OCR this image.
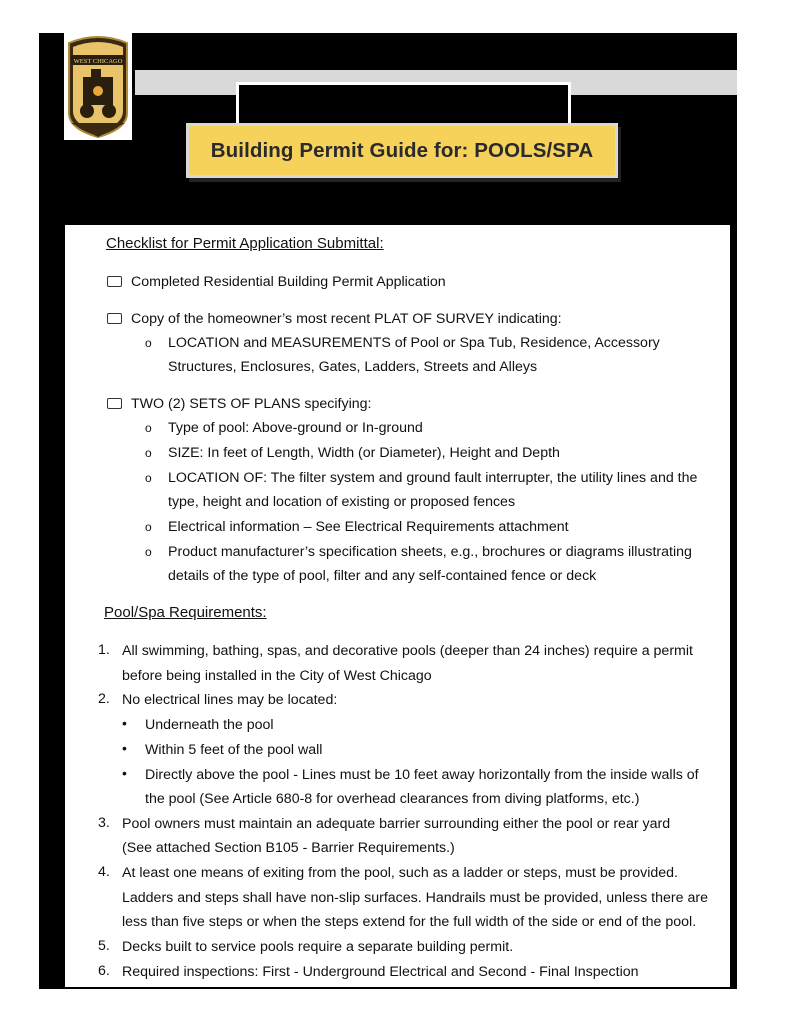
WEST CHICAGO
Building Permit Guide for: POOLS/SPA
Checklist for Permit Application Submittal:
Completed Residential Building Permit Application
Copy of the homeowner’s most recent PLAT OF SURVEY indicating:
o LOCATION and MEASUREMENTS of Pool or Spa Tub, Residence, Accessory
Structures, Enclosures, Gates, Ladders, Streets and Alleys
TWO (2) SETS OF PLANS specifying:
o Type of pool: Above-ground or In-ground
o SIZE: In feet of Length, Width (or Diameter), Height and Depth
o LOCATION OF: The filter system and ground fault interrupter, the utility lines and the
type, height and location of existing or proposed fences
o Electrical information – See Electrical Requirements attachment
o Product manufacturer’s specification sheets, e.g., brochures or diagrams illustrating
details of the type of pool, filter and any self-contained fence or deck
Pool/Spa Requirements:
1. All swimming, bathing, spas, and decorative pools (deeper than 24 inches) require a permit
before being installed in the City of West Chicago
2. No electrical lines may be located:
• Underneath the pool
• Within 5 feet of the pool wall
• Directly above the pool - Lines must be 10 feet away horizontally from the inside walls of
the pool (See Article 680-8 for overhead clearances from diving platforms, etc.)
3. Pool owners must maintain an adequate barrier surrounding either the pool or rear yard
(See attached Section B105 - Barrier Requirements.)
4. At least one means of exiting from the pool, such as a ladder or steps, must be provided.
Ladders and steps shall have non-slip surfaces. Handrails must be provided, unless there are
less than five steps or when the steps extend for the full width of the side or end of the pool.
5. Decks built to service pools require a separate building permit.
6. Required inspections: First - Underground Electrical and Second - Final Inspection
